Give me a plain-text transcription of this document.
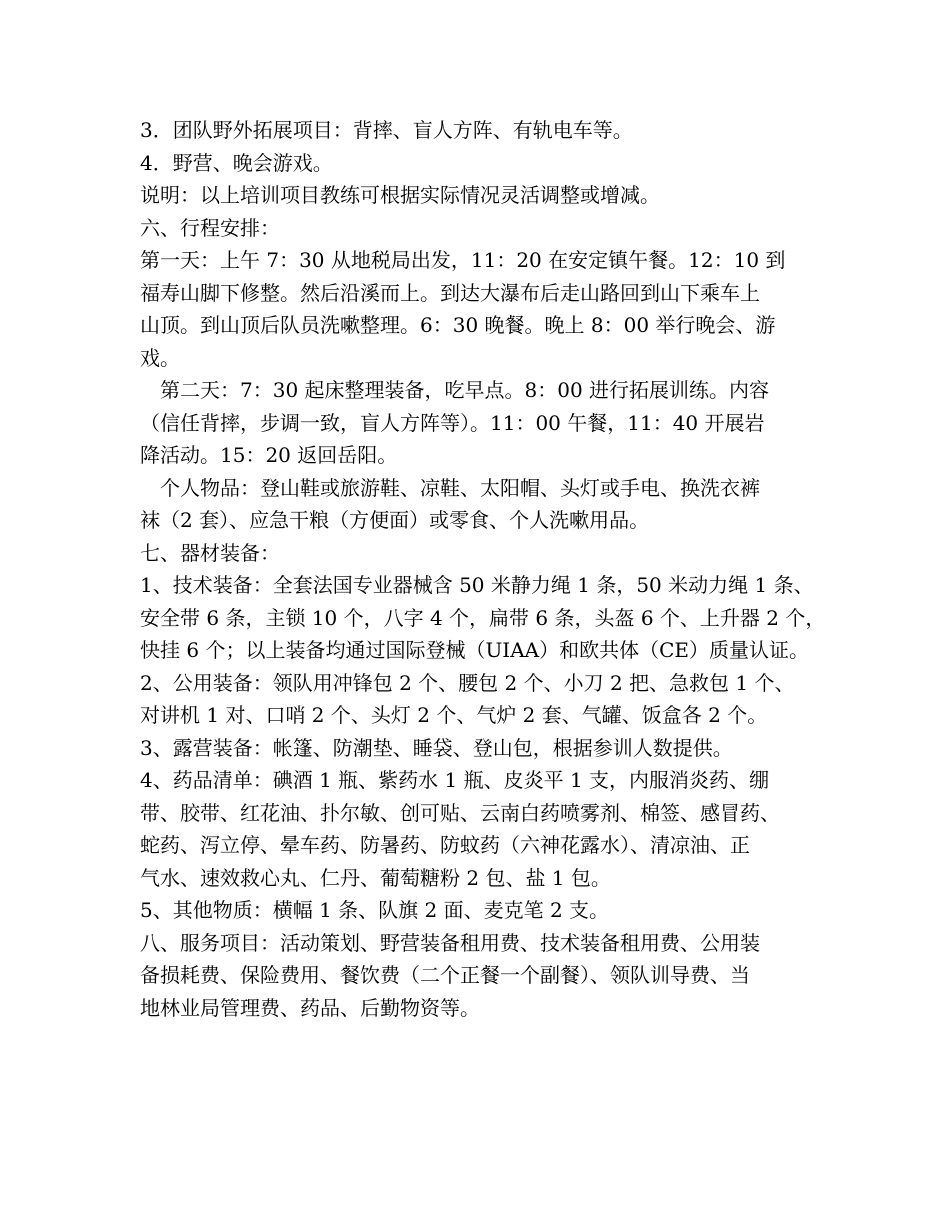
3．团队野外拓展项目：背摔、盲人方阵、有轨电车等。
4．野营、晚会游戏。
说明：以上培训项目教练可根据实际情况灵活调整或增减。
六、行程安排：
第一天：上午 7：30 从地税局出发，11：20 在安定镇午餐。12：10 到
福寿山脚下修整。然后沿溪而上。到达大瀑布后走山路回到山下乘车上
山顶。到山顶后队员洗嗽整理。6：30 晚餐。晚上 8：00 举行晚会、游
戏。
第二天：7：30 起床整理装备，吃早点。8：00 进行拓展训练。内容
（信任背摔，步调一致，盲人方阵等）。11：00 午餐，11：40 开展岩
降活动。15：20 返回岳阳。
个人物品：登山鞋或旅游鞋、凉鞋、太阳帽、头灯或手电、换洗衣裤
袜（2 套）、应急干粮（方便面）或零食、个人洗嗽用品。
七、器材装备：
1、技术装备：全套法国专业器械含 50 米静力绳 1 条，50 米动力绳 1 条、
安全带 6 条，主锁 10 个，八字 4 个，扁带 6 条，头盔 6 个、上升器 2 个，
快挂 6 个；以上装备均通过国际登械（UIAA）和欧共体（CE）质量认证。
2、公用装备：领队用冲锋包 2 个、腰包 2 个、小刀 2 把、急救包 1 个、
对讲机 1 对、口哨 2 个、头灯 2 个、气炉 2 套、气罐、饭盒各 2 个。
3、露营装备：帐篷、防潮垫、睡袋、登山包，根据参训人数提供。
4、药品清单：碘酒 1 瓶、紫药水 1 瓶、皮炎平 1 支，内服消炎药、绷
带、胶带、红花油、扑尔敏、创可贴、云南白药喷雾剂、棉签、感冒药、
蛇药、泻立停、晕车药、防暑药、防蚊药（六神花露水）、清凉油、正
气水、速效救心丸、仁丹、葡萄糖粉 2 包、盐 1 包。
5、其他物质：横幅 1 条、队旗 2 面、麦克笔 2 支。
八、服务项目：活动策划、野营装备租用费、技术装备租用费、公用装
备损耗费、保险费用、餐饮费（二个正餐一个副餐）、领队训导费、当
地林业局管理费、药品、后勤物资等。
